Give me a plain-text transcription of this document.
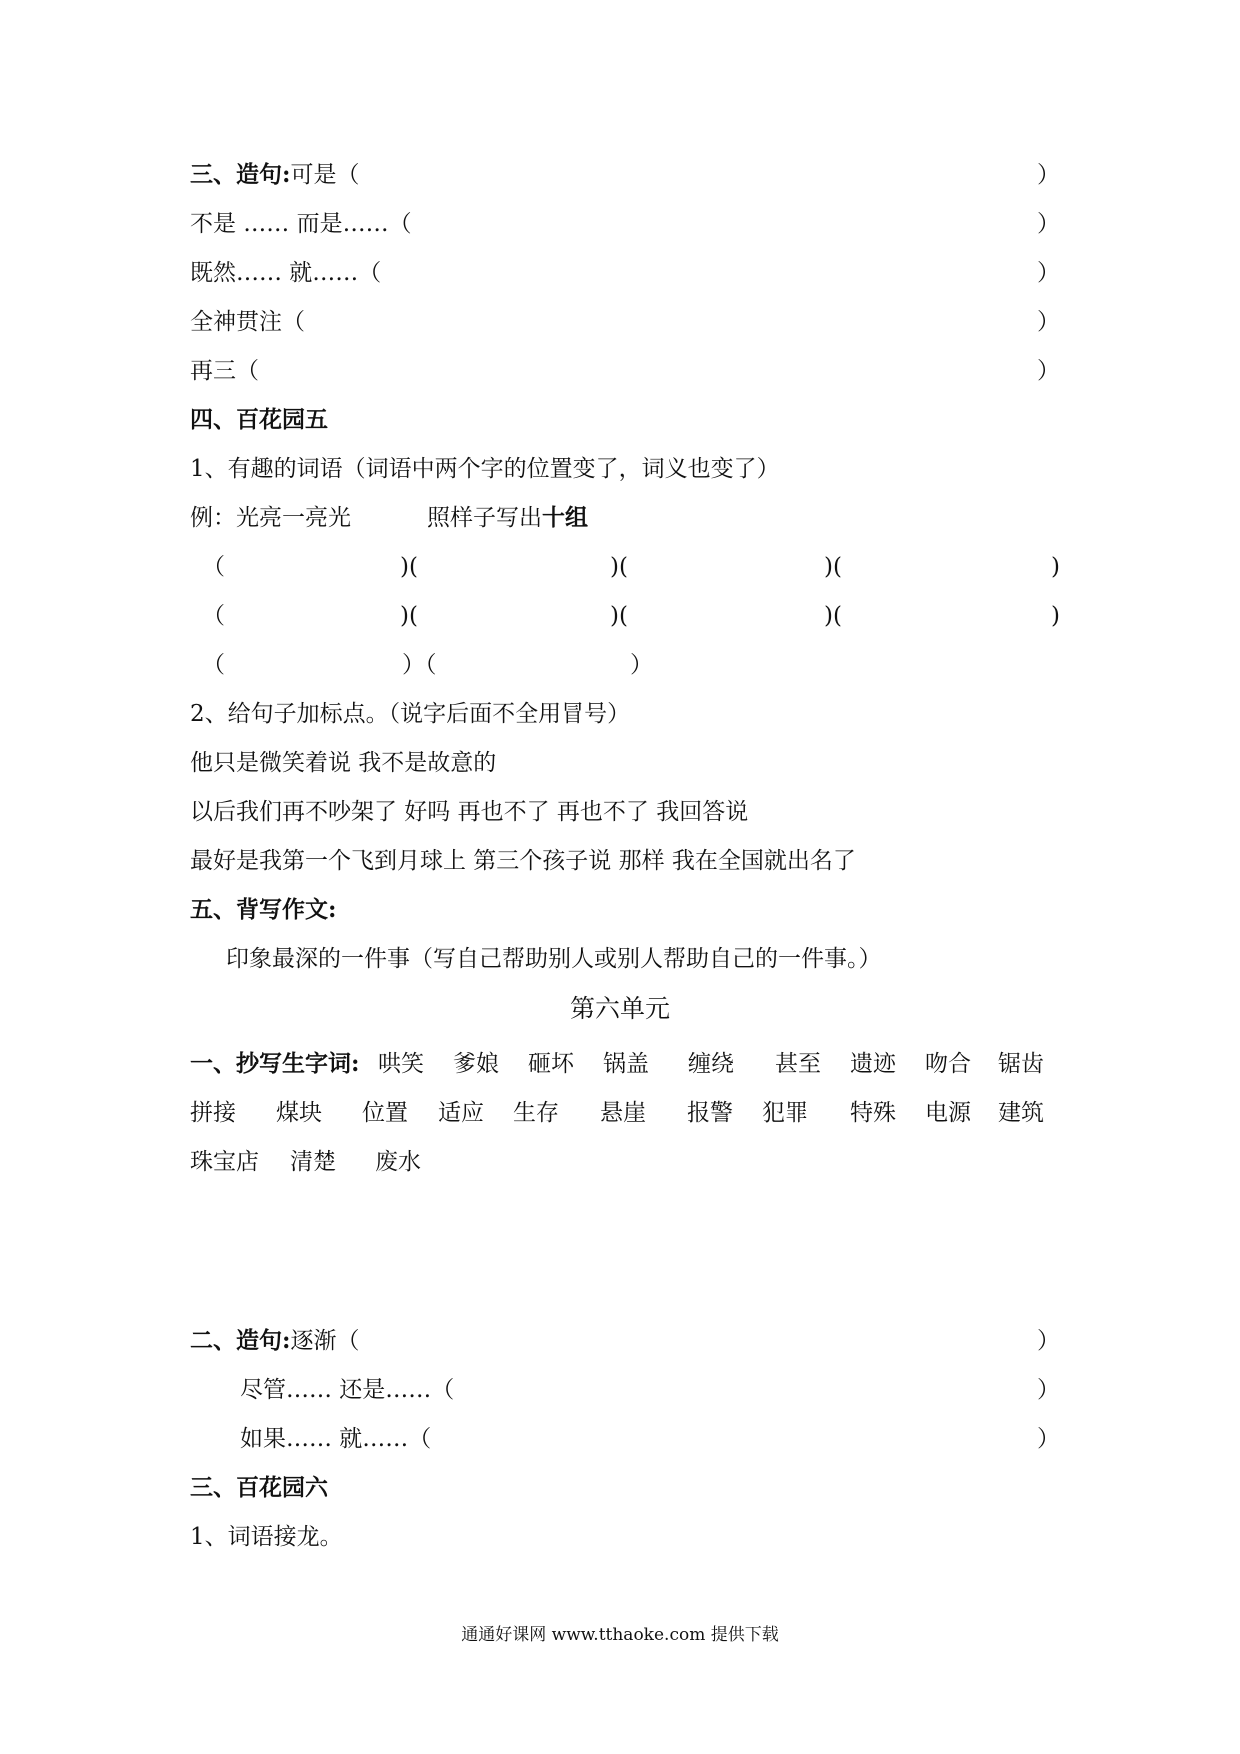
三、造句:可是（	）
不是 …… 而是……（	）
既然…… 就……（	）
全神贯注（	）
再三（	）
四、百花园五
1、有趣的词语（词语中两个字的位置变了，词义也变了）
例：光亮一亮光	照样子写出十组
（	)(	)(	)(	)
（	)(	)(	)(	)
（	）（	）
2、给句子加标点。（说字后面不全用冒号）
他只是微笑着说 我不是故意的
以后我们再不吵架了 好吗 再也不了 再也不了 我回答说
最好是我第一个飞到月球上 第三个孩子说 那样 我在全国就出名了
五、背写作文:
印象最深的一件事（写自己帮助别人或别人帮助自己的一件事。）
第六单元
一、抄写生字词: 哄笑 爹娘 砸坏 锅盖 缠绕 甚至 遗迹 吻合 锯齿
拼接 煤块 位置 适应 生存 悬崖 报警 犯罪 特殊 电源 建筑
珠宝店 清楚 废水
二、造句:逐渐（	）
尽管…… 还是……（	）
如果…… 就……（	）
三、百花园六
1、词语接龙。
通通好课网 www.tthaoke.com 提供下载
